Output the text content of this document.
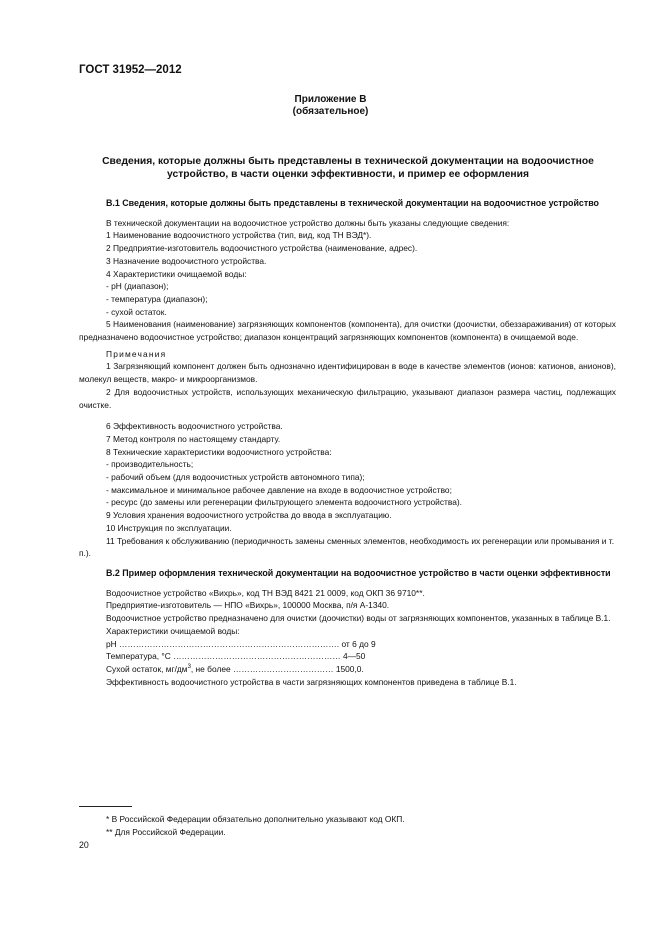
ГОСТ 31952—2012
Приложение В
(обязательное)
Сведения, которые должны быть представлены в технической документации на водоочистное устройство, в части оценки эффективности, и пример ее оформления

В.1 Сведения, которые должны быть представлены в технической документации на водоочистное устройство

В технической документации на водоочистное устройство должны быть указаны следующие сведения:

1 Наименование водоочистного устройства (тип, вид, код ТН ВЭД*).

2 Предприятие-изготовитель водоочистного устройства (наименование, адрес).

3 Назначение водоочистного устройства.

4 Характеристики очищаемой воды:

- рН (диапазон);

- температура (диапазон);

- сухой остаток.

5 Наименования (наименование) загрязняющих компонентов (компонента), для очистки (доочистки, обеззараживания) от которых предназначено водоочистное устройство; диапазон концентраций загрязняющих компонентов (компонента) в очищаемой воде.

Примечания

1 Загрязняющий компонент должен быть однозначно идентифицирован в воде в качестве элементов (ионов: катионов, анионов), молекул веществ, макро- и микроорганизмов.

2 Для водоочистных устройств, использующих механическую фильтрацию, указывают диапазон размера частиц, подлежащих очистке.

6 Эффективность водоочистного устройства.

7 Метод контроля по настоящему стандарту.

8 Технические характеристики водоочистного устройства:

- производительность;

- рабочий объем (для водоочистных устройств автономного типа);

- максимальное и минимальное рабочее давление на входе в водоочистное устройство;

- ресурс (до замены или регенерации фильтрующего элемента водоочистного устройства).

9 Условия хранения водоочистного устройства до ввода в эксплуатацию.

10 Инструкция по эксплуатации.

11 Требования к обслуживанию (периодичность замены сменных элементов, необходимость их регенерации или промывания и т. п.).

В.2 Пример оформления технической документации на водоочистное устройство в части оценки эффективности

Водоочистное устройство «Вихрь», код ТН ВЭД 8421 21 0009, код ОКП 36 9710**.

Предприятие-изготовитель — НПО «Вихрь», 100000 Москва, п/я А-1340.

Водоочистное устройство предназначено для очистки (доочистки) воды от загрязняющих компонентов, указанных в таблице В.1.

Характеристики очищаемой воды:

pH ……………………………………………………………………. от 6 до 9

Температура, °С …………………………………………………… 4—50

Сухой остаток, $мг/дм^3$, не более ……………………………… 1500,0.

Эффективность водоочистного устройства в части загрязняющих компонентов приведена в таблице В.1.

* В Российской Федерации обязательно дополнительно указывают код ОКП.
** Для Российской Федерации.
20
